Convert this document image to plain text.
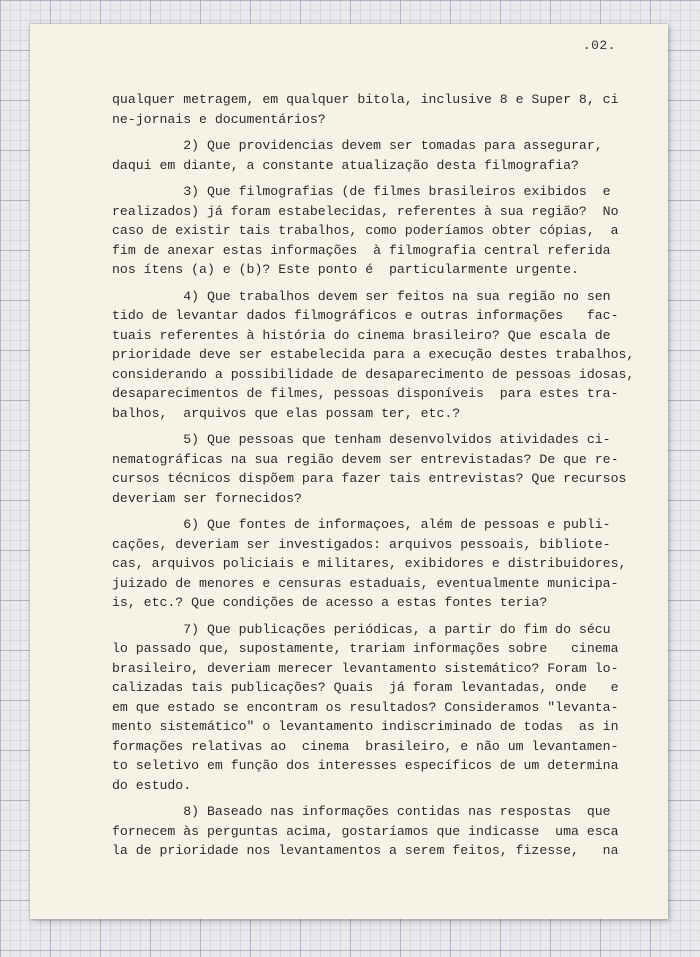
.02.
qualquer metragem, em qualquer bitola, inclusive 8 e Super 8, ci
ne-jornais e documentários?
2) Que providencias devem ser tomadas para assegurar,
daqui em diante, a constante atualização desta filmografia?
3) Que filmografias (de filmes brasileiros exibidos  e
realizados) já foram estabelecidas, referentes à sua região?  No
caso de existir tais trabalhos, como poderíamos obter cópias,  a
fim de anexar estas informações  à filmografia central referida
nos ítens (a) e (b)? Este ponto é  particularmente urgente.
4) Que trabalhos devem ser feitos na sua região no sen
tido de levantar dados filmográficos e outras informações   fac-
tuais referentes à história do cinema brasileiro? Que escala de
prioridade deve ser estabelecida para a execução destes trabalhos,
considerando a possibilidade de desaparecimento de pessoas idosas,
desaparecimentos de filmes, pessoas disponíveis  para estes tra-
balhos,  arquivos que elas possam ter, etc.?
5) Que pessoas que tenham desenvolvidos atividades ci-
nematográficas na sua região devem ser entrevistadas? De que re-
cursos técnicos dispõem para fazer tais entrevistas? Que recursos
deveriam ser fornecidos?
6) Que fontes de informaçoes, além de pessoas e publi-
cações, deveriam ser investigados: arquivos pessoais, bibliote-
cas, arquivos policiais e militares, exibidores e distribuidores,
juizado de menores e censuras estaduais, eventualmente municipa-
is, etc.? Que condições de acesso a estas fontes teria?
7) Que publicações periódicas, a partir do fim do sécu
lo passado que, supostamente, trariam informações sobre   cinema
brasileiro, deveriam merecer levantamento sistemático? Foram lo-
calizadas tais publicações? Quais  já foram levantadas, onde   e
em que estado se encontram os resultados? Consideramos "levanta-
mento sistemático" o levantamento indiscriminado de todas  as in
formações relativas ao  cinema  brasileiro, e não um levantamen-
to seletivo em função dos interesses específicos de um determina
do estudo.
8) Baseado nas informações contidas nas respostas  que
fornecem às perguntas acima, gostaríamos que indicasse  uma esca
la de prioridade nos levantamentos a serem feitos, fizesse,   na
